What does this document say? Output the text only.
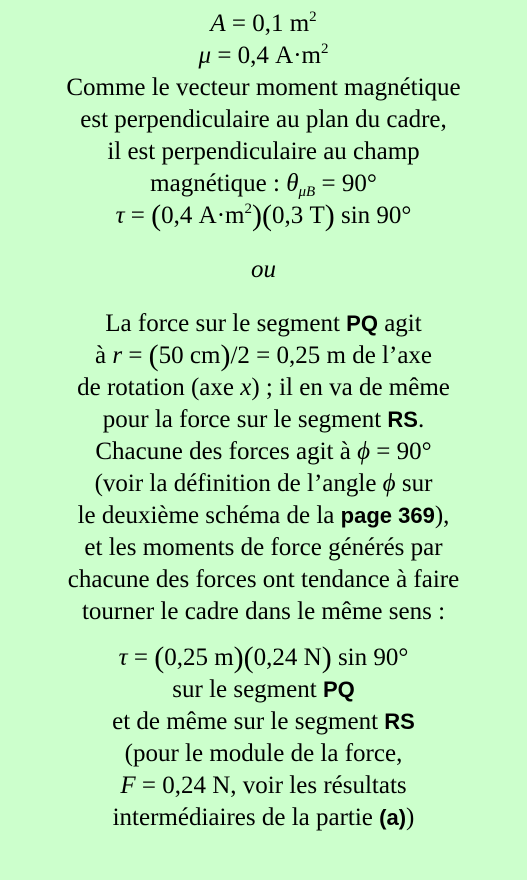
A = 0,1 $m^2$
μ = 0,4 $A\cdot m^2$
Comme le vecteur moment magnétique
est perpendiculaire au plan du cadre,
il est perpendiculaire au champ
magnétique : $\theta_{\mu B} = 90^\circ$
τ = (0,4 $A\cdot m^2)(0,3$ T) sin 90°
ou
La force sur le segment PQ agit
à r = (50 cm)/2 = 0,25 m de l’axe
de rotation (axe x) ; il en va de même
pour la force sur le segment RS.
Chacune des forces agit à ϕ = 90°
(voir la définition de l’angle ϕ sur
le deuxième schéma de la page 369),
et les moments de force générés par
chacune des forces ont tendance à faire
tourner le cadre dans le même sens :
τ = (0,25 m)(0,24 N) sin 90°
sur le segment PQ
et de même sur le segment RS
(pour le module de la force,
F = 0,24 N, voir les résultats
intermédiaires de la partie (a))
